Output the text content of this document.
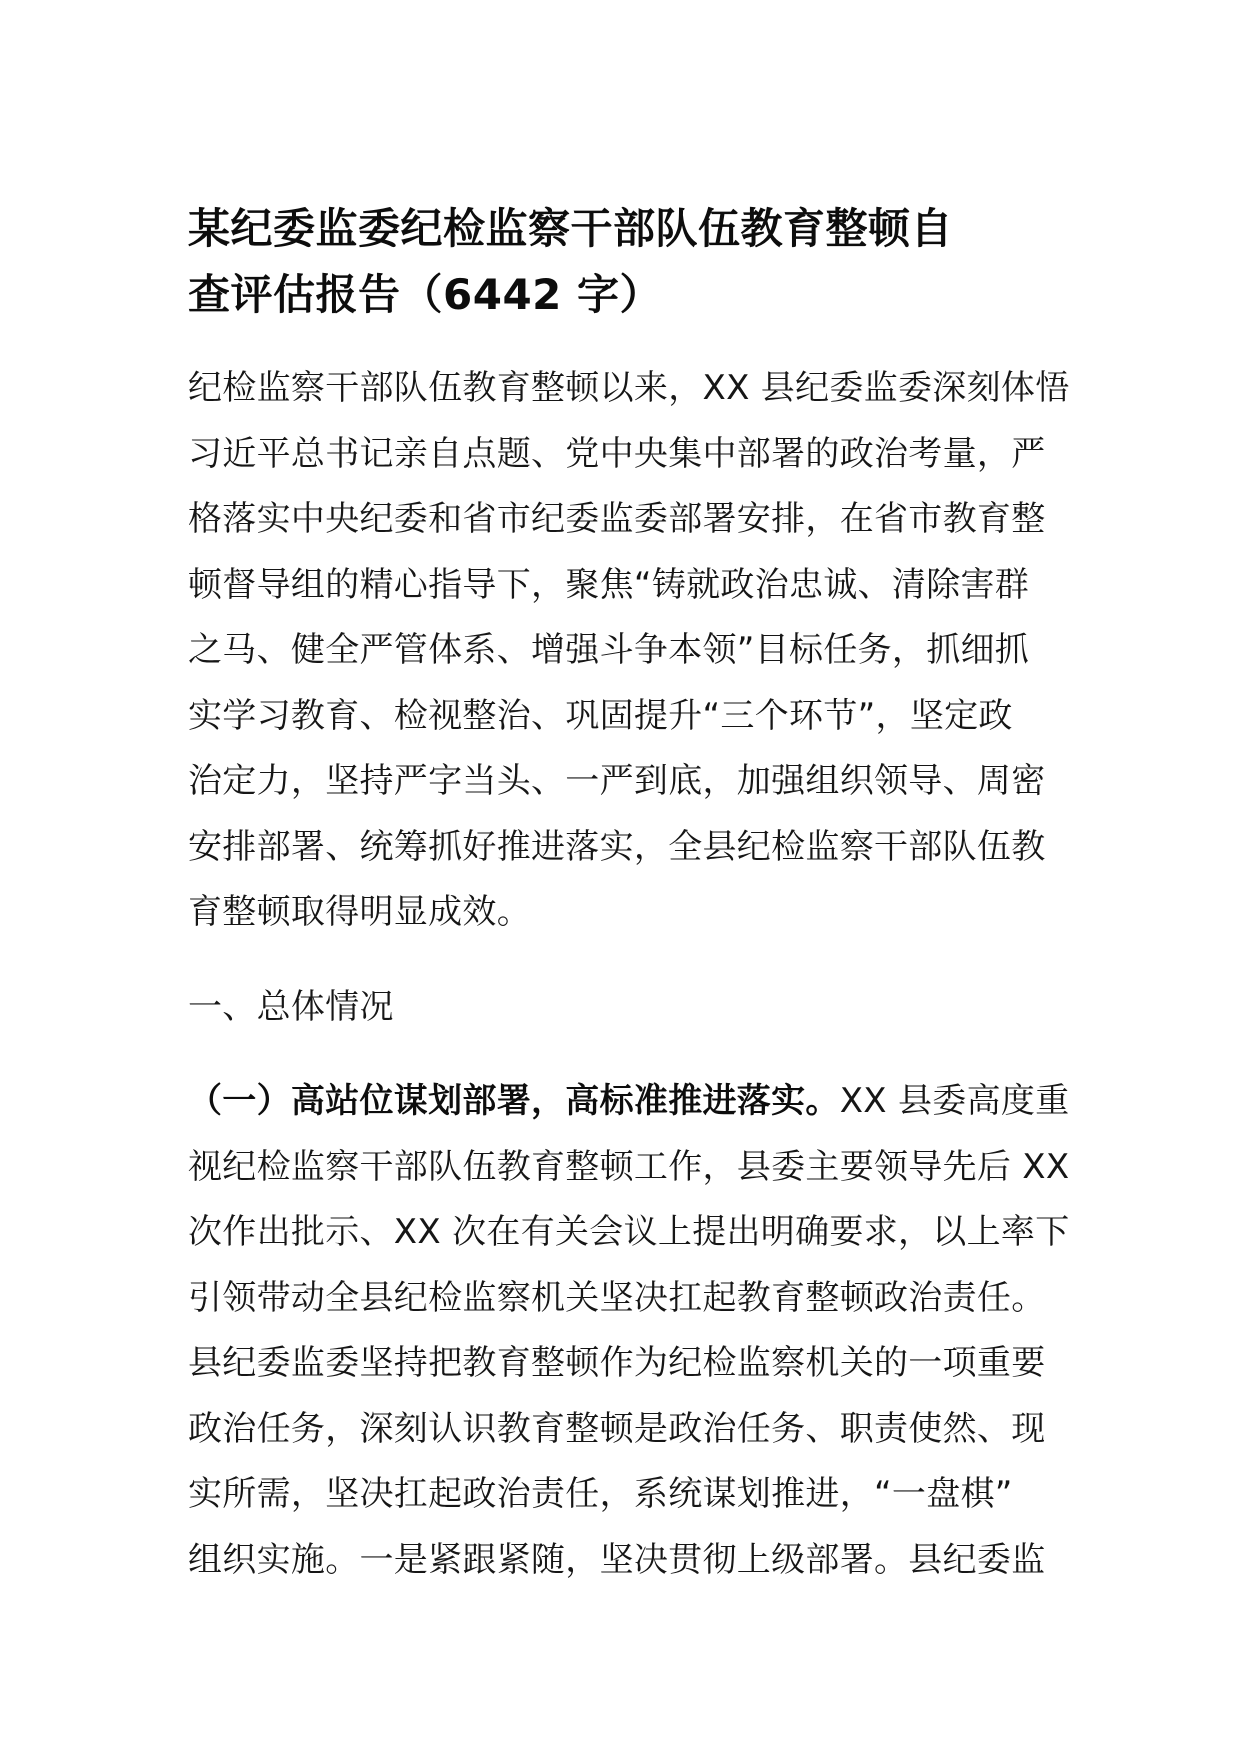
某纪委监委纪检监察干部队伍教育整顿自
查评估报告（6442 字）

纪检监察干部队伍教育整顿以来，XX 县纪委监委深刻体悟
习近平总书记亲自点题、党中央集中部署的政治考量，严
格落实中央纪委和省市纪委监委部署安排，在省市教育整
顿督导组的精心指导下，聚焦“铸就政治忠诚、清除害群
之马、健全严管体系、增强斗争本领”目标任务，抓细抓
实学习教育、检视整治、巩固提升“三个环节”，坚定政
治定力，坚持严字当头、一严到底，加强组织领导、周密
安排部署、统筹抓好推进落实，全县纪检监察干部队伍教
育整顿取得明显成效。

一、总体情况

（一）高站位谋划部署，高标准推进落实。XX 县委高度重
视纪检监察干部队伍教育整顿工作，县委主要领导先后 XX
次作出批示、XX 次在有关会议上提出明确要求，以上率下
引领带动全县纪检监察机关坚决扛起教育整顿政治责任。
县纪委监委坚持把教育整顿作为纪检监察机关的一项重要
政治任务，深刻认识教育整顿是政治任务、职责使然、现
实所需，坚决扛起政治责任，系统谋划推进，“一盘棋”
组织实施。一是紧跟紧随，坚决贯彻上级部署。县纪委监
